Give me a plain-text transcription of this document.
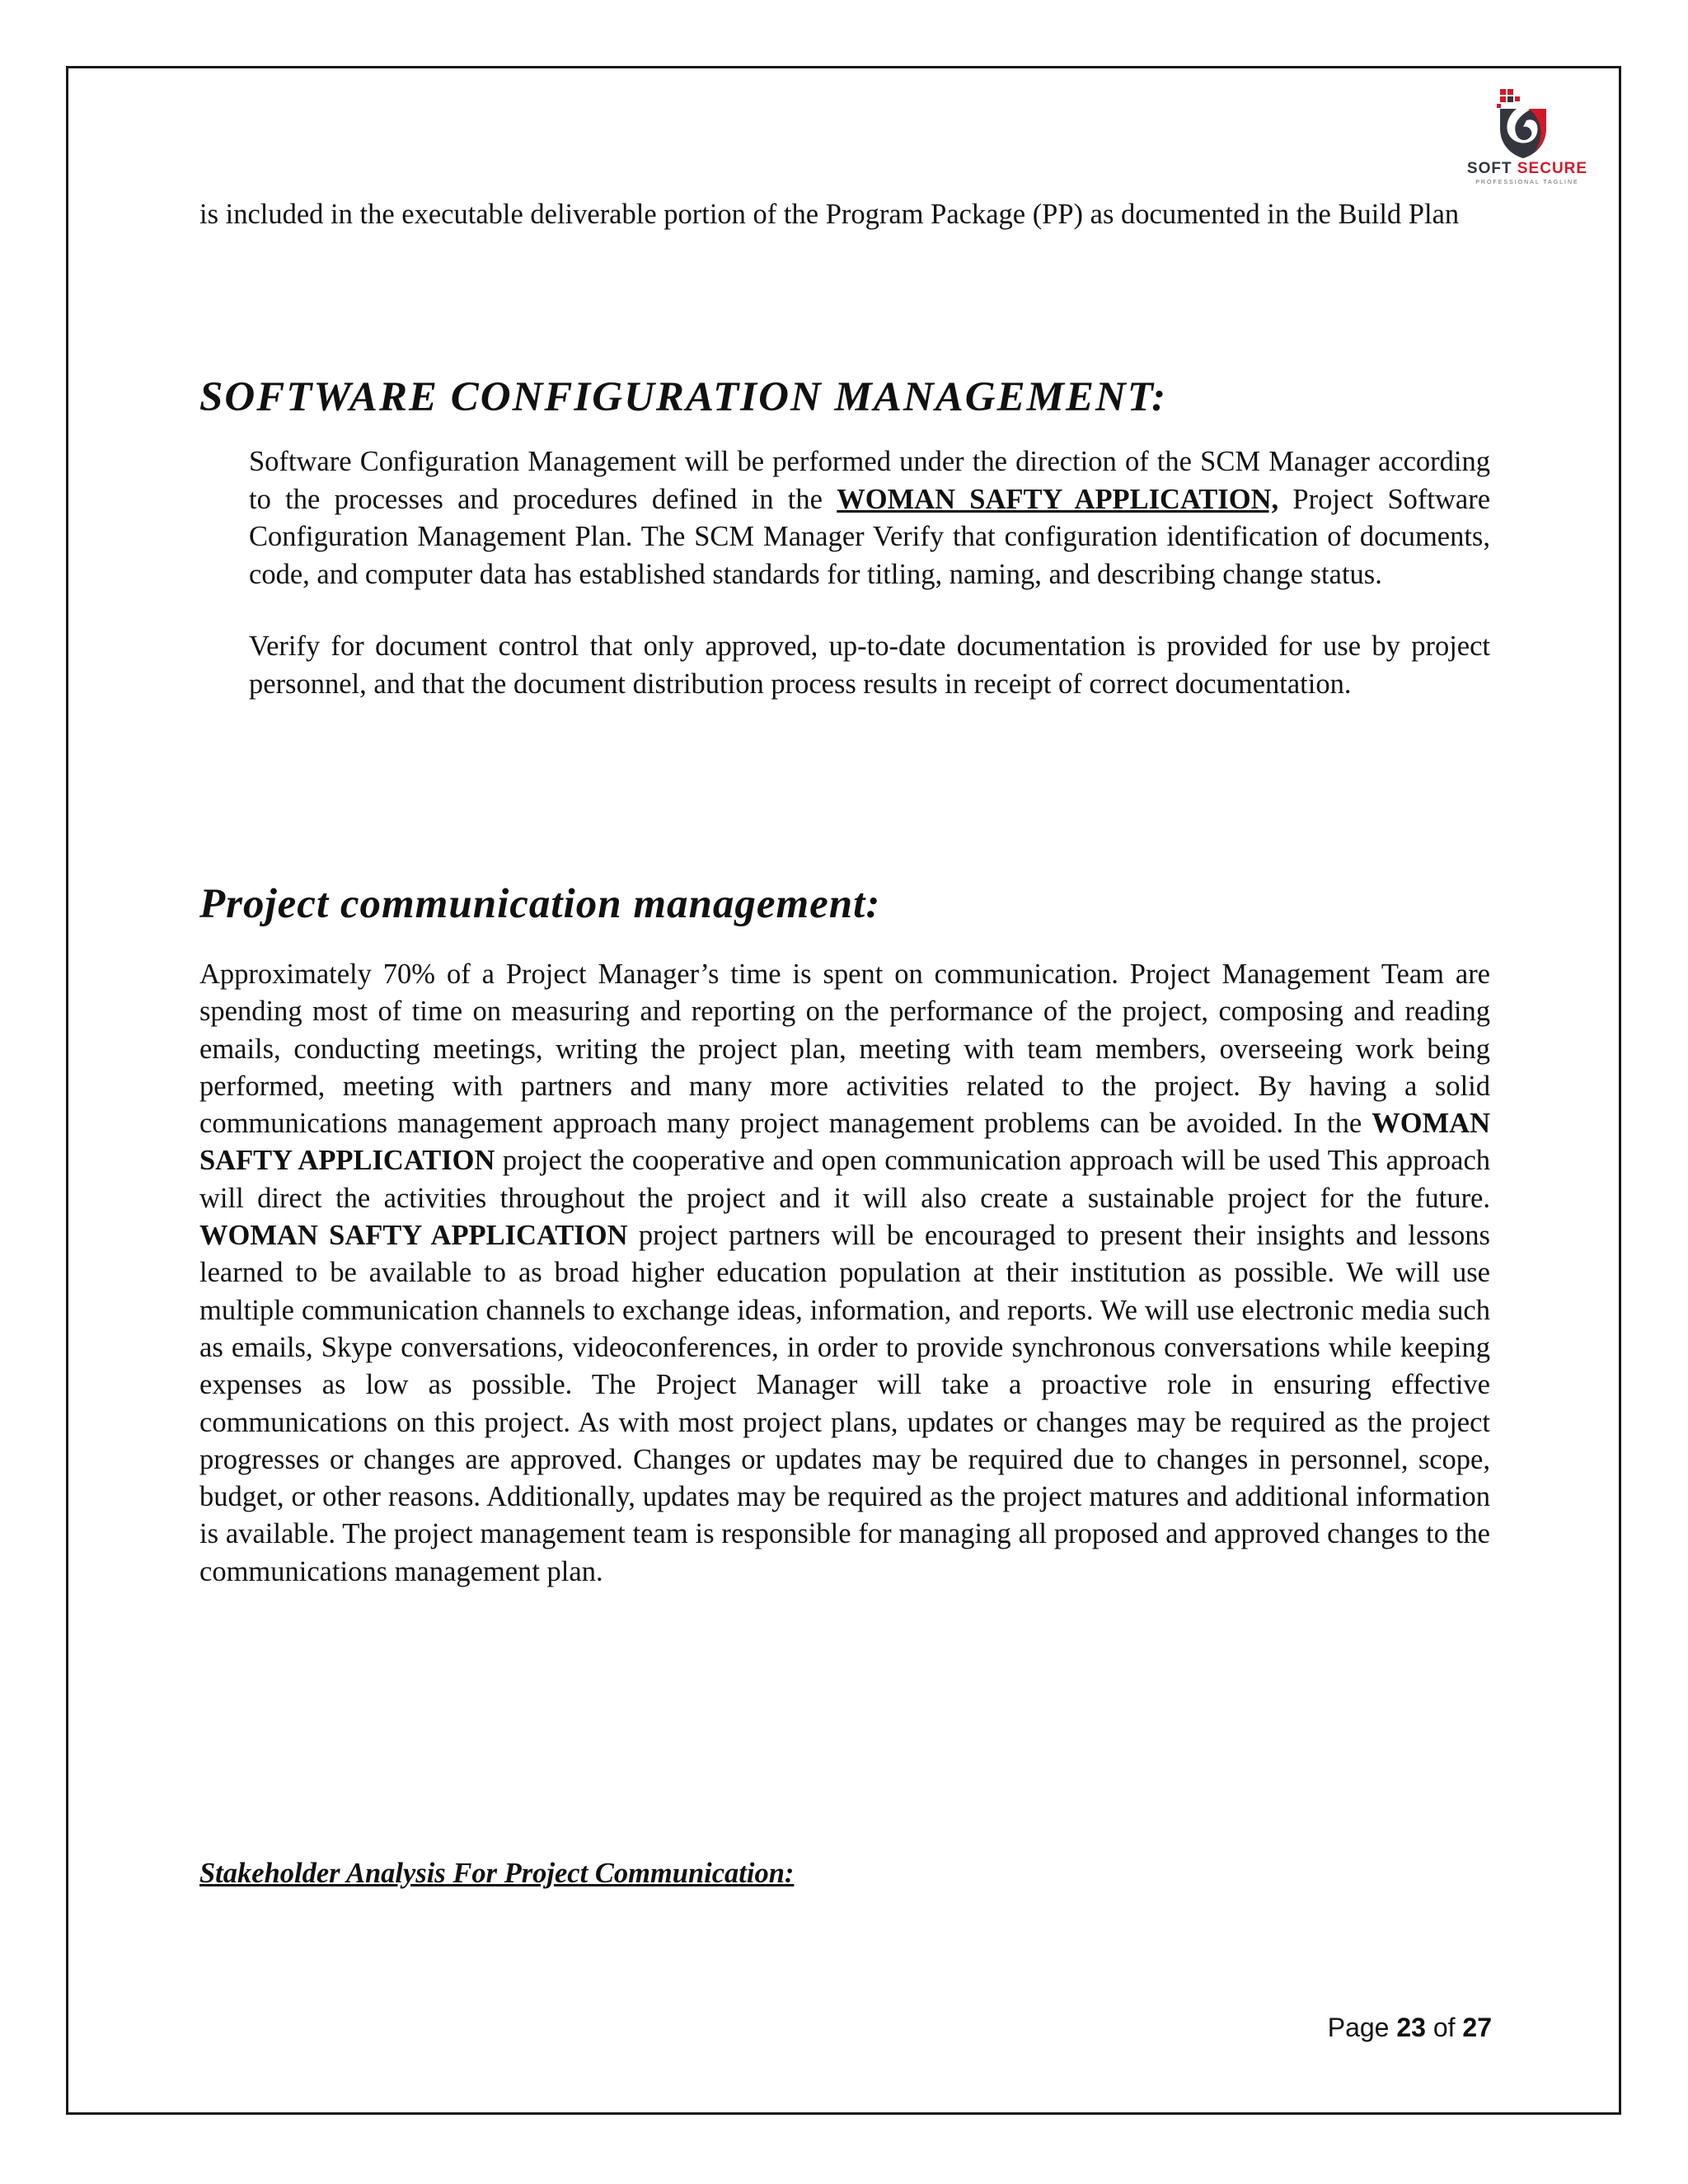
SOFT SECURE
PROFESSIONAL TAGLINE
is included in the executable deliverable portion of the Program Package (PP) as documented in the Build Plan
SOFTWARE CONFIGURATION MANAGEMENT:
Software Configuration Management will be performed under the direction of the SCM Manager according to the processes and procedures defined in the WOMAN SAFTY APPLICATION, Project Software Configuration Management Plan. The SCM Manager Verify that configuration identification of documents, code, and computer data has established standards for titling, naming, and describing change status.
Verify for document control that only approved, up-to-date documentation is provided for use by project personnel, and that the document distribution process results in receipt of correct documentation.
Project communication management:
Approximately 70% of a Project Manager’s time is spent on communication. Project Management Team are spending most of time on measuring and reporting on the performance of the project, composing and reading emails, conducting meetings, writing the project plan, meeting with team members, overseeing work being performed, meeting with partners and many more activities related to the project. By having a solid communications management approach many project management problems can be avoided. In the WOMAN SAFTY APPLICATION project the cooperative and open communication approach will be used This approach will direct the activities throughout the project and it will also create a sustainable project for the future. WOMAN SAFTY APPLICATION project partners will be encouraged to present their insights and lessons learned to be available to as broad higher education population at their institution as possible. We will use multiple communication channels to exchange ideas, information, and reports. We will use electronic media such as emails, Skype conversations, videoconferences, in order to provide synchronous conversations while keeping expenses as low as possible. The Project Manager will take a proactive role in ensuring effective communications on this project. As with most project plans, updates or changes may be required as the project progresses or changes are approved. Changes or updates may be required due to changes in personnel, scope, budget, or other reasons. Additionally, updates may be required as the project matures and additional information is available. The project management team is responsible for managing all proposed and approved changes to the communications management plan.
Stakeholder Analysis For Project Communication:
Page 23 of 27
